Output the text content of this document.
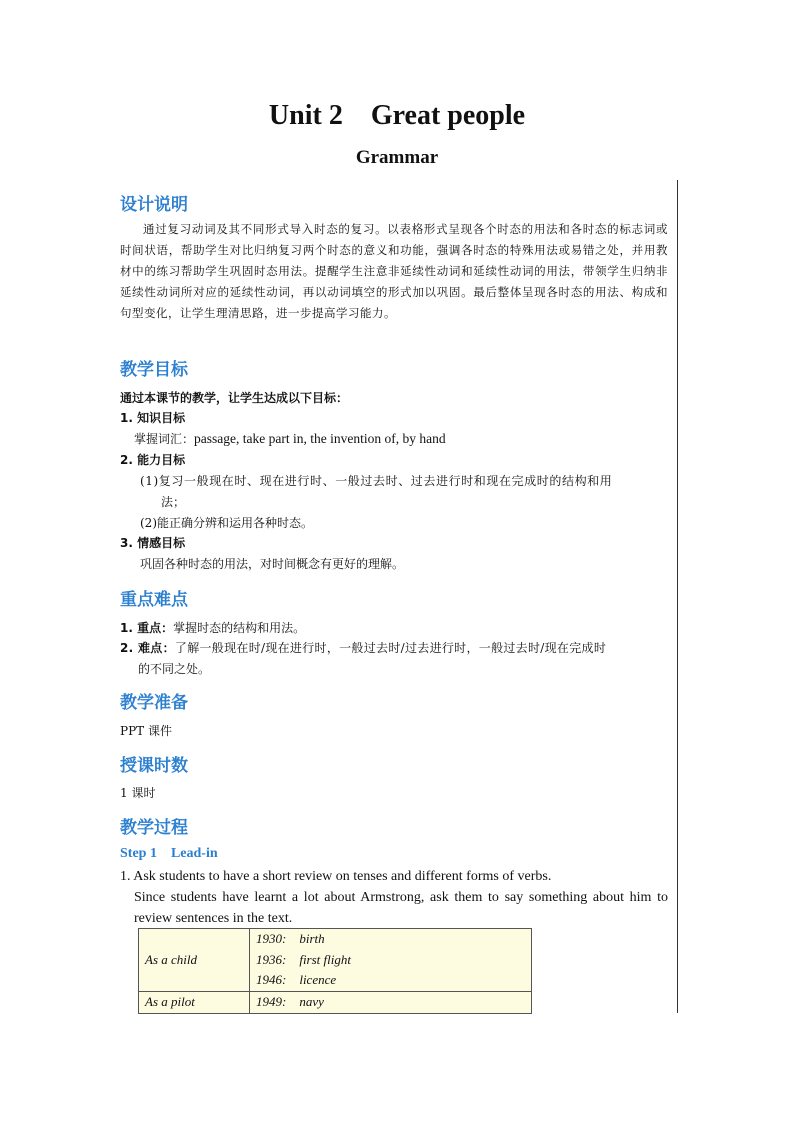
Unit 2    Great people
Grammar
设计说明
通过复习动词及其不同形式导入时态的复习。以表格形式呈现各个时态的用法和各时态的标志词或时间状语，帮助学生对比归纳复习两个时态的意义和功能，强调各时态的特殊用法或易错之处，并用教材中的练习帮助学生巩固时态用法。提醒学生注意非延续性动词和延续性动词的用法，带领学生归纳非延续性动词所对应的延续性动词，再以动词填空的形式加以巩固。最后整体呈现各时态的用法、构成和句型变化，让学生理清思路，进一步提高学习能力。
教学目标
通过本课节的教学，让学生达成以下目标：
1. 知识目标
掌握词汇：passage, take part in, the invention of, by hand
2. 能力目标
(1)复习一般现在时、现在进行时、一般过去时、过去进行时和现在完成时的结构和用
法；
(2)能正确分辨和运用各种时态。
3. 情感目标
巩固各种时态的用法，对时间概念有更好的理解。
重点难点
1. 重点：掌握时态的结构和用法。
2. 难点：了解一般现在时/现在进行时，一般过去时/过去进行时，一般过去时/现在完成时
的不同之处。
教学准备
PPT 课件
授课时数
1 课时
教学过程
Step 1    Lead-in
1. Ask students to have a short review on tenses and different forms of verbs.
Since students have learnt a lot about Armstrong, ask them to say something about him to review sentences in the text.
As a child	1930:    birth
1936:    first flight
1946:    licence

As a pilot	1949:    navy
